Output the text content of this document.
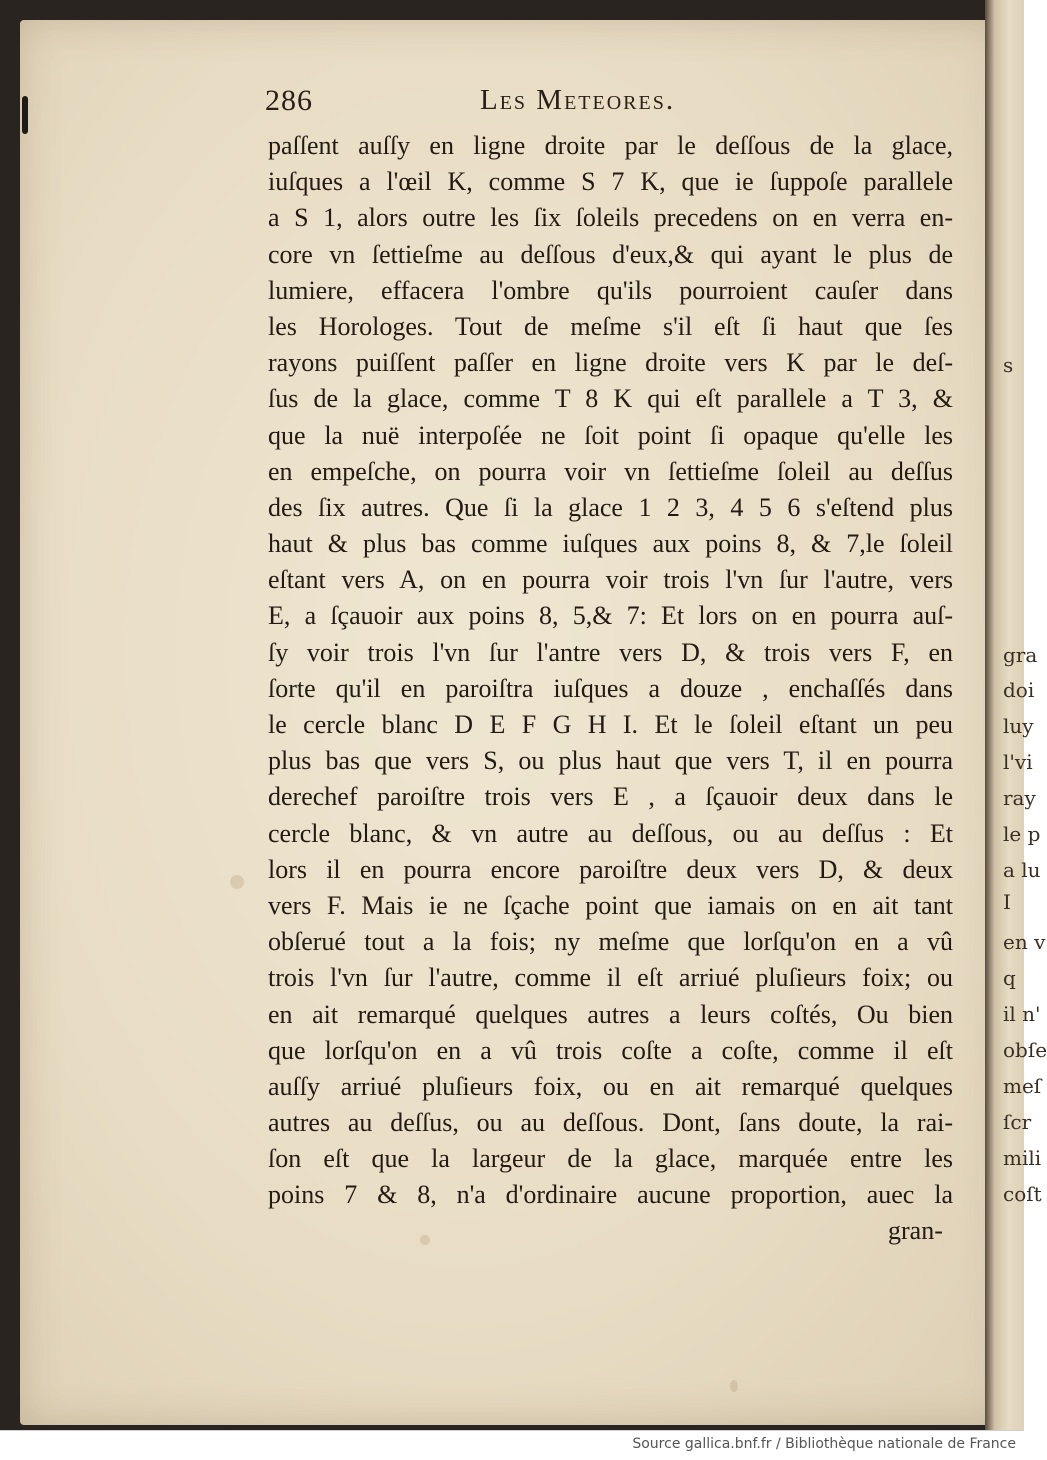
s
gra
doi
luy
l'vi
ray
le p
a lu
I
en v
q
il n'
obſe
meſ
ſcr
mili
coſt
286	Les Meteores.
paſſent auſſy en ligne droite par le deſſous de la glace,
iuſques a l'œil K, comme S 7 K, que ie ſuppoſe parallele
a S 1, alors outre les ſix ſoleils precedens on en verra en-
core vn ſettieſme au deſſous d'eux,& qui ayant le plus de
lumiere, effacera l'ombre qu'ils pourroient cauſer dans
les Horologes. Tout de meſme s'il eſt ſi haut que ſes
rayons puiſſent paſſer en ligne droite vers K par le deſ-
ſus de la glace, comme T 8 K qui eſt parallele a T 3, &
que la nuë interpoſée ne ſoit point ſi opaque qu'elle les
en empeſche, on pourra voir vn ſettieſme ſoleil au deſſus
des ſix autres. Que ſi la glace 1 2 3, 4 5 6 s'eſtend plus
haut & plus bas comme iuſques aux poins 8, & 7,le ſoleil
eſtant vers A, on en pourra voir trois l'vn ſur l'autre, vers
E, a ſçauoir aux poins 8, 5,& 7: Et lors on en pourra auſ-
ſy voir trois l'vn ſur l'antre vers D, & trois vers F, en
ſorte qu'il en paroiſtra iuſques a douze , enchaſſés dans
le cercle blanc D E F G H I. Et le ſoleil eſtant un peu
plus bas que vers S, ou plus haut que vers T, il en pourra
derechef paroiſtre trois vers E , a ſçauoir deux dans le
cercle blanc, & vn autre au deſſous, ou au deſſus : Et
lors il en pourra encore paroiſtre deux vers D, & deux
vers F. Mais ie ne ſçache point que iamais on en ait tant
obſerué tout a la fois; ny meſme que lorſqu'on en a vû
trois l'vn ſur l'autre, comme il eſt arriué pluſieurs foix; ou
en ait remarqué quelques autres a leurs coſtés, Ou bien
que lorſqu'on en a vû trois coſte a coſte, comme il eſt
auſſy arriué pluſieurs foix, ou en ait remarqué quelques
autres au deſſus, ou au deſſous. Dont, ſans doute, la rai-
ſon eſt que la largeur de la glace, marquée entre les
poins 7 & 8, n'a d'ordinaire aucune proportion, auec la
gran-
Source gallica.bnf.fr / Bibliothèque nationale de France
